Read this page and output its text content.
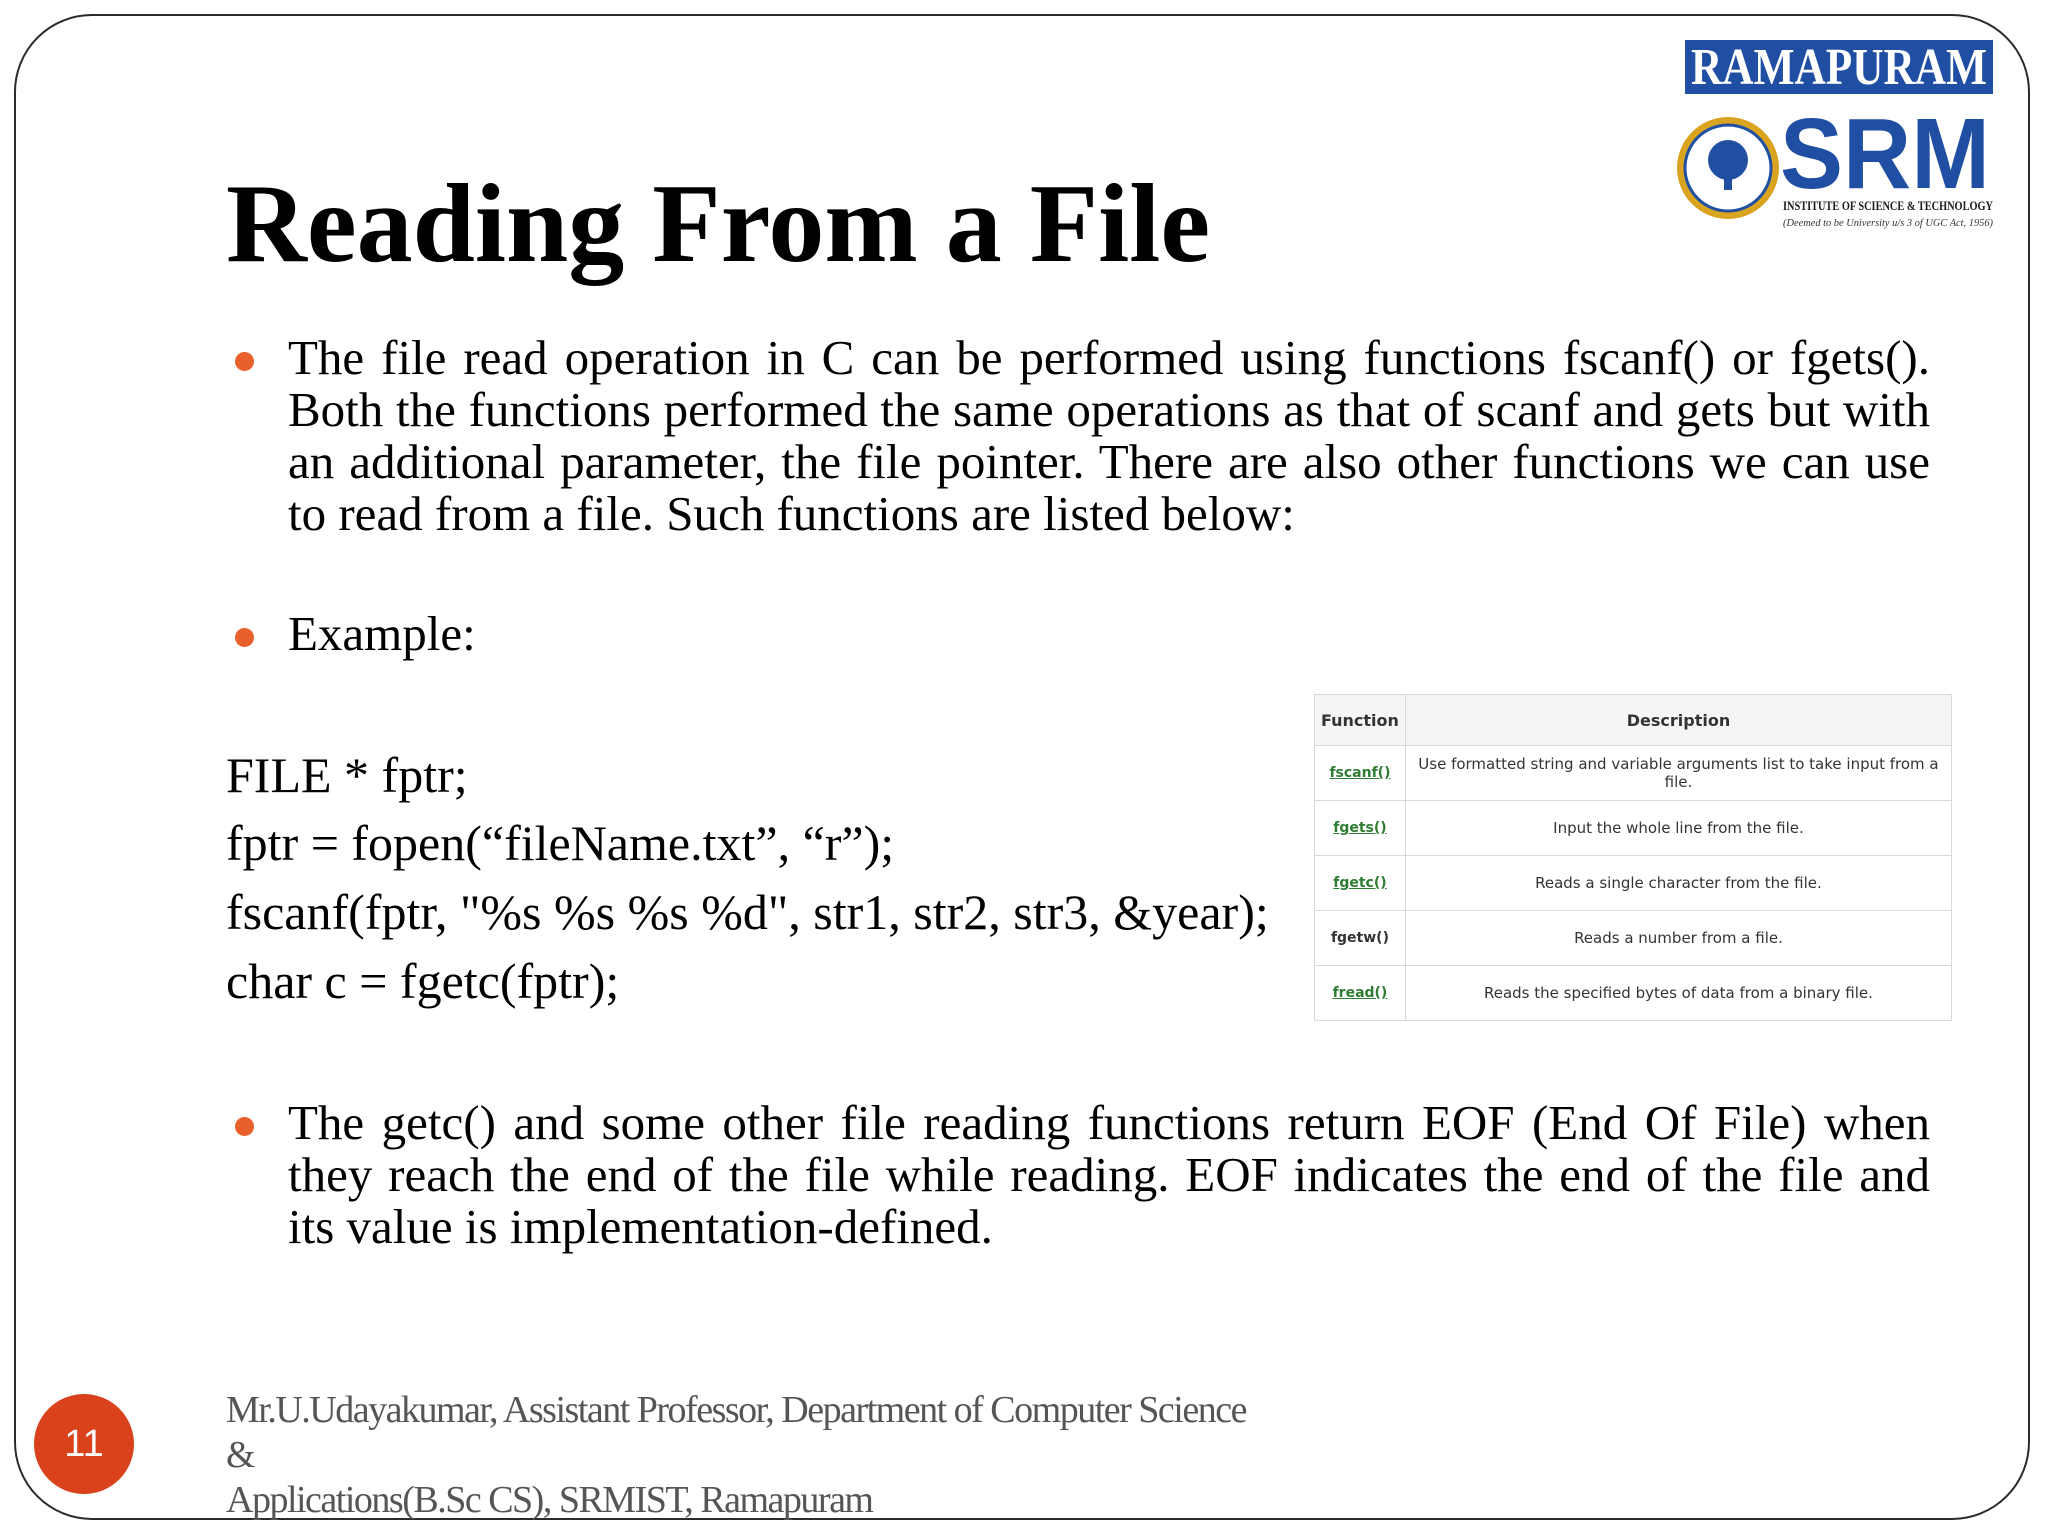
RAMAPURAM
SRM
INSTITUTE OF SCIENCE & TECHNOLOGY
(Deemed to be University u/s 3 of UGC Act, 1956)
Reading From a File
The file read operation in C can be performed using functions fscanf() or fgets(). Both the functions performed the same operations as that of scanf and gets but with an additional parameter, the file pointer. There are also other functions we can use to read from a file. Such functions are listed below:
Example:
FILE * fptr;
fptr = fopen(“fileName.txt”, “r”);
fscanf(fptr, "%s %s %s %d", str1, str2, str3, &year);
char c = fgetc(fptr);
Function	Description
fscanf()	Use formatted string and variable arguments list to take input from a file.
fgets()	Input the whole line from the file.
fgetc()	Reads a single character from the file.
fgetw()	Reads a number from a file.
fread()	Reads the specified bytes of data from a binary file.
The getc() and some other file reading functions return EOF (End Of File) when they reach the end of the file while reading. EOF indicates the end of the file and its value is implementation-defined.
11
Mr.U.Udayakumar, Assistant Professor, Department of Computer Science
&
Applications(B.Sc CS), SRMIST, Ramapuram
